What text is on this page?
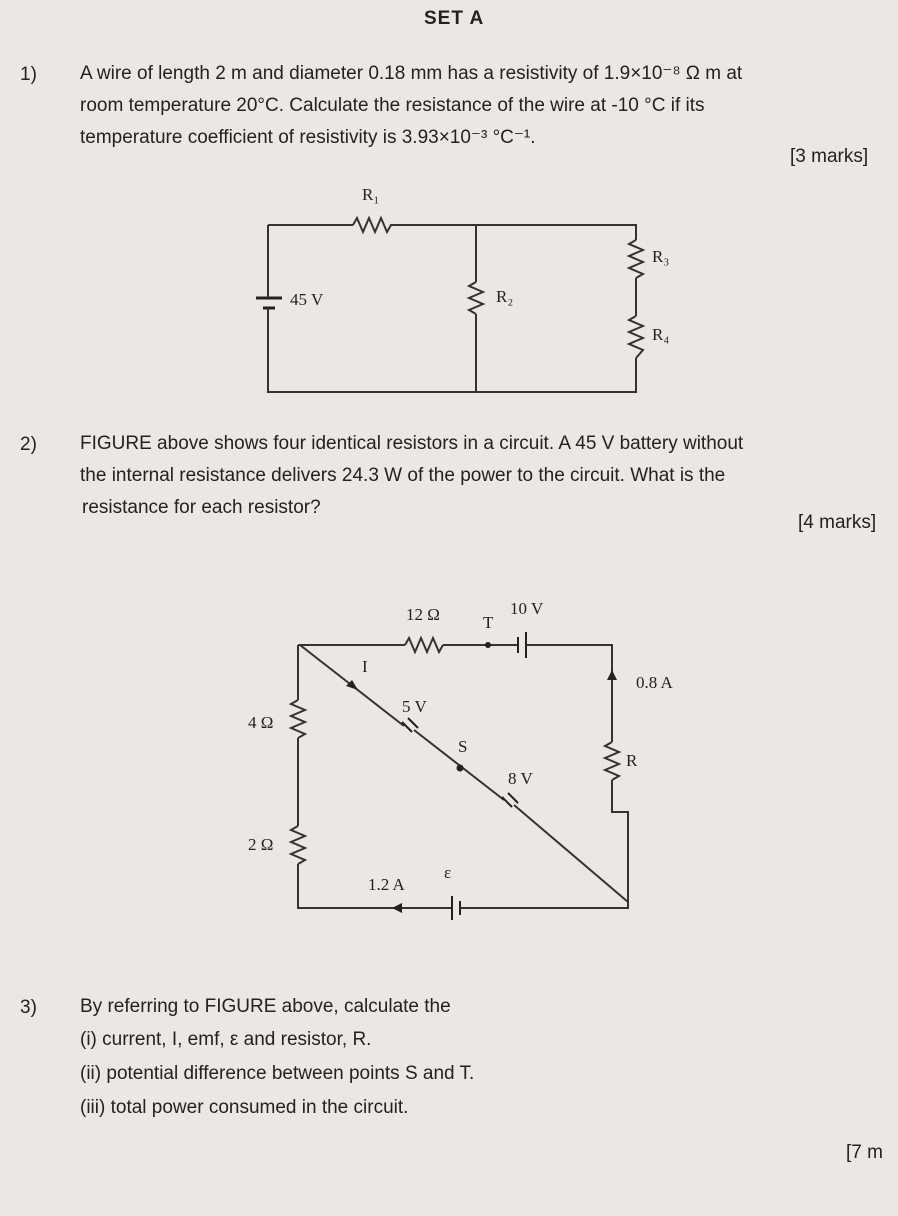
SET A
1) A wire of length 2 m and diameter 0.18 mm has a resistivity of 1.9×10⁻⁸ Ω m at
room temperature 20°C. Calculate the resistance of the wire at -10 °C if its
temperature coefficient of resistivity is 3.93×10⁻³ °C⁻¹.
[3 marks]
R₁
45 V	R₂
R₃
R₄
2) FIGURE above shows four identical resistors in a circuit. A 45 V battery without
the internal resistance delivers 24.3 W of the power to the circuit. What is the
resistance for each resistor?
[4 marks]
12 Ω	T
10 V
I
0.8 A
5 V
4 Ω
S
R
8 V
2 Ω
1.2 A
ε
3) By referring to FIGURE above, calculate the
(i) current, I, emf, ε and resistor, R.
(ii) potential difference between points S and T.
(iii) total power consumed in the circuit.
[7 m
